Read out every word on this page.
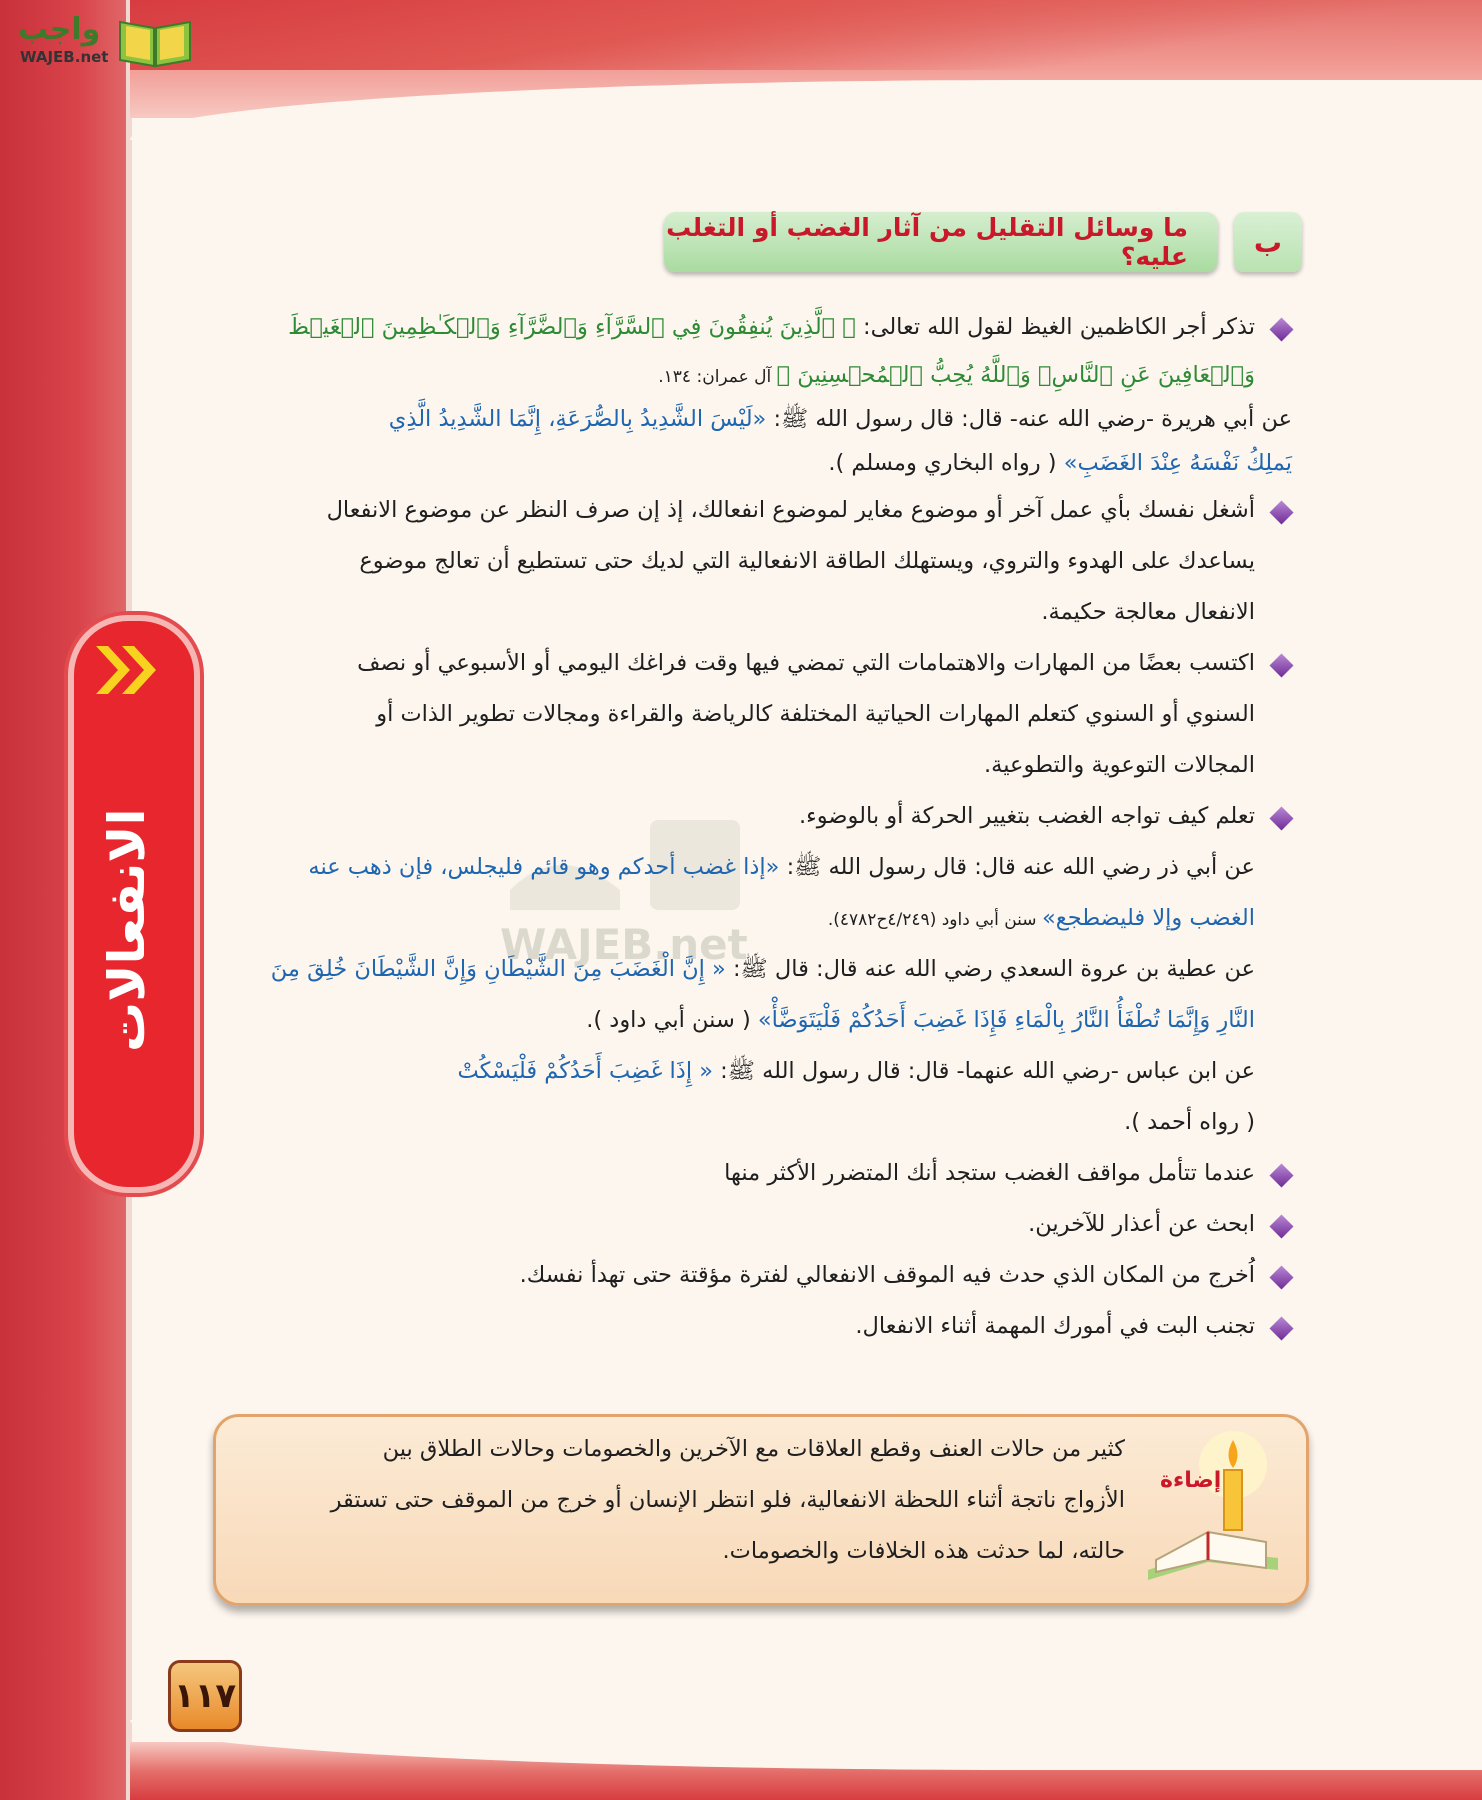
واجب
WAJEB.net
الانفعالات
ب
ما وسائل التقليل من آثار الغضب أو التغلب عليه؟
WAJEB.net
تذكر أجر الكاظمين الغيظ لقول الله تعالى: ﴿ ٱلَّذِينَ يُنفِقُونَ فِي ٱلسَّرَّآءِ وَٱلضَّرَّآءِ وَٱلۡكَـٰظِمِينَ ٱلۡغَيۡظَ
وَٱلۡعَافِينَ عَنِ ٱلنَّاسِۗ وَٱللَّهُ يُحِبُّ ٱلۡمُحۡسِنِينَ ﴾ آل عمران: ١٣٤.
عن أبي هريرة -رضي الله عنه- قال: قال رسول الله ﷺ: «لَيْسَ الشَّدِيدُ بِالصُّرَعَةِ، إِنَّمَا الشَّدِيدُ الَّذِي
يَملِكُ نَفْسَهُ عِنْدَ الغَضَبِ» ( رواه البخاري ومسلم ).
أشغل نفسك بأي عمل آخر أو موضوع مغاير لموضوع انفعالك، إذ إن صرف النظر عن موضوع الانفعال
يساعدك على الهدوء والتروي، ويستهلك الطاقة الانفعالية التي لديك حتى تستطيع أن تعالج موضوع
الانفعال معالجة حكيمة.
اكتسب بعضًا من المهارات والاهتمامات التي تمضي فيها وقت فراغك اليومي أو الأسبوعي أو نصف
السنوي أو السنوي كتعلم المهارات الحياتية المختلفة كالرياضة والقراءة ومجالات تطوير الذات أو
المجالات التوعوية والتطوعية.
تعلم كيف تواجه الغضب بتغيير الحركة أو بالوضوء.
عن أبي ذر رضي الله عنه قال: قال رسول الله ﷺ: «إذا غضب أحدكم وهو قائم فليجلس، فإن ذهب عنه
الغضب وإلا فليضطجع» سنن أبي داود (٤/٢٤٩ح٤٧٨٢).
عن عطية بن عروة السعدي رضي الله عنه قال: قال ﷺ: « إِنَّ الْغَضَبَ مِنَ الشَّيْطَانِ وَإِنَّ الشَّيْطَانَ خُلِقَ مِنَ
النَّارِ وَإِنَّمَا تُطْفَأُ النَّارُ بِالْمَاءِ فَإِذَا غَضِبَ أَحَدُكُمْ فَلْيَتَوَضَّأْ» ( سنن أبي داود ).
عن ابن عباس -رضي الله عنهما- قال: قال رسول الله ﷺ: « إِذَا غَضِبَ أَحَدُكُمْ فَلْيَسْكُتْ
( رواه أحمد ).
عندما تتأمل مواقف الغضب ستجد أنك المتضرر الأكثر منها
ابحث عن أعذار للآخرين.
اُخرج من المكان الذي حدث فيه الموقف الانفعالي لفترة مؤقتة حتى تهدأ نفسك.
تجنب البت في أمورك المهمة أثناء الانفعال.
إضاءة
كثير من حالات العنف وقطع العلاقات مع الآخرين والخصومات وحالات الطلاق بين
الأزواج ناتجة أثناء اللحظة الانفعالية، فلو انتظر الإنسان أو خرج من الموقف حتى تستقر
حالته، لما حدثت هذه الخلافات والخصومات.
١١٧
